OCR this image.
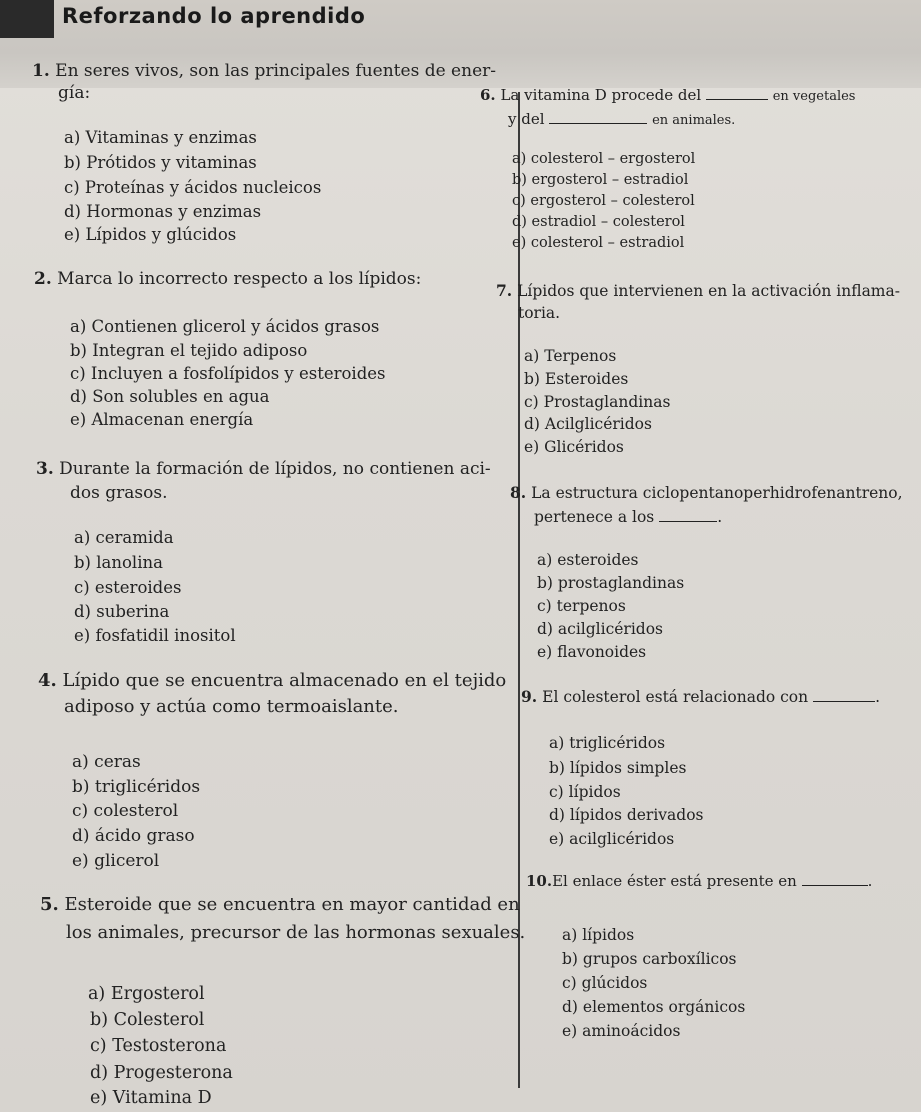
Reforzando lo aprendido
1. En seres vivos, son las principales fuentes de ener-
gía:
a) Vitaminas y enzimas
b) Prótidos y vitaminas
c) Proteínas y ácidos nucleicos
d) Hormonas y enzimas
e) Lípidos y glúcidos
2. Marca lo incorrecto respecto a los lípidos:
a) Contienen glicerol y ácidos grasos
b) Integran el tejido adiposo
c) Incluyen a fosfolípidos y esteroides
d) Son solubles en agua
e) Almacenan energía
3. Durante la formación de lípidos, no contienen aci-
dos grasos.
a) ceramida
b) lanolina
c) esteroides
d) suberina
e) fosfatidil inositol
4. Lípido que se encuentra almacenado en el tejido
adiposo y actúa como termoaislante.
a) ceras
b) triglicéridos
c) colesterol
d) ácido graso
e) glicerol
5. Esteroide que se encuentra en mayor cantidad en
los animales, precursor de las hormonas sexuales.
a) Ergosterol
b) Colesterol
c) Testosterona
d) Progesterona
e) Vitamina D
6. La vitamina D procede del	en vegetales
y del	en animales.
a) colesterol – ergosterol
b) ergosterol – estradiol
c) ergosterol – colesterol
d) estradiol – colesterol
e) colesterol – estradiol
7. Lípidos que intervienen en la activación inflama-
toria.
a) Terpenos
b) Esteroides
c) Prostaglandinas
d) Acilglicéridos
e) Glicéridos
8. La estructura ciclopentanoperhidrofenantreno,
pertenece a los	.
a) esteroides
b) prostaglandinas
c) terpenos
d) acilglicéridos
e) flavonoides
9. El colesterol está relacionado con	.
a) triglicéridos
b) lípidos simples
c) lípidos
d) lípidos derivados
e) acilglicéridos
10.El enlace éster está presente en	.
a) lípidos
b) grupos carboxílicos
c) glúcidos
d) elementos orgánicos
e) aminoácidos
